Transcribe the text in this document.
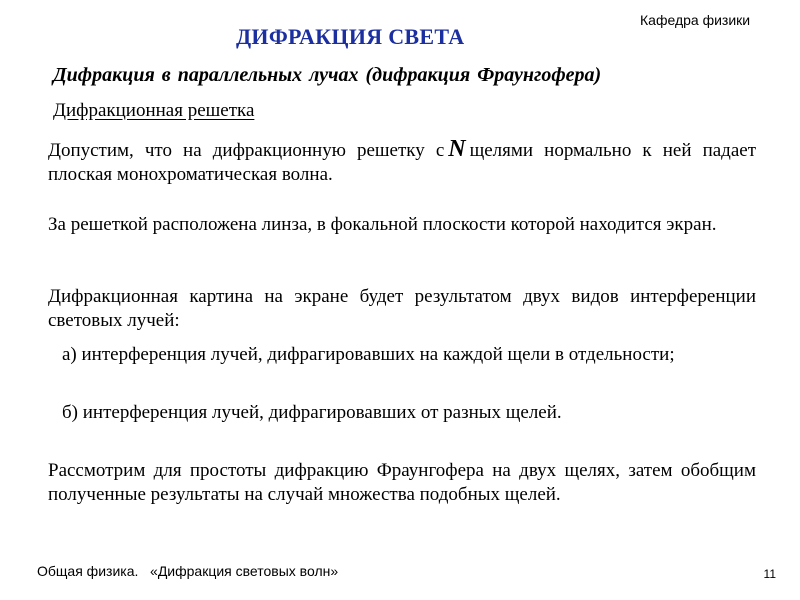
Кафедра физики
ДИФРАКЦИЯ СВЕТА
Дифракция в параллельных лучах (дифракция Фраунгофера)
Дифракционная решетка
Допустим, что на дифракционную решетку с N щелями нормально к ней падает плоская монохроматическая волна.
За решеткой расположена линза, в фокальной плоскости которой находится экран.
Дифракционная картина на экране будет результатом двух видов интерференции световых лучей:
а) интерференция лучей, дифрагировавших на каждой щели в отдельности;
б) интерференция лучей, дифрагировавших от разных щелей.
Рассмотрим для простоты дифракцию Фраунгофера на двух щелях, затем обобщим полученные результаты на случай множества подобных щелей.
Общая физика.   «Дифракция световых волн»	11
